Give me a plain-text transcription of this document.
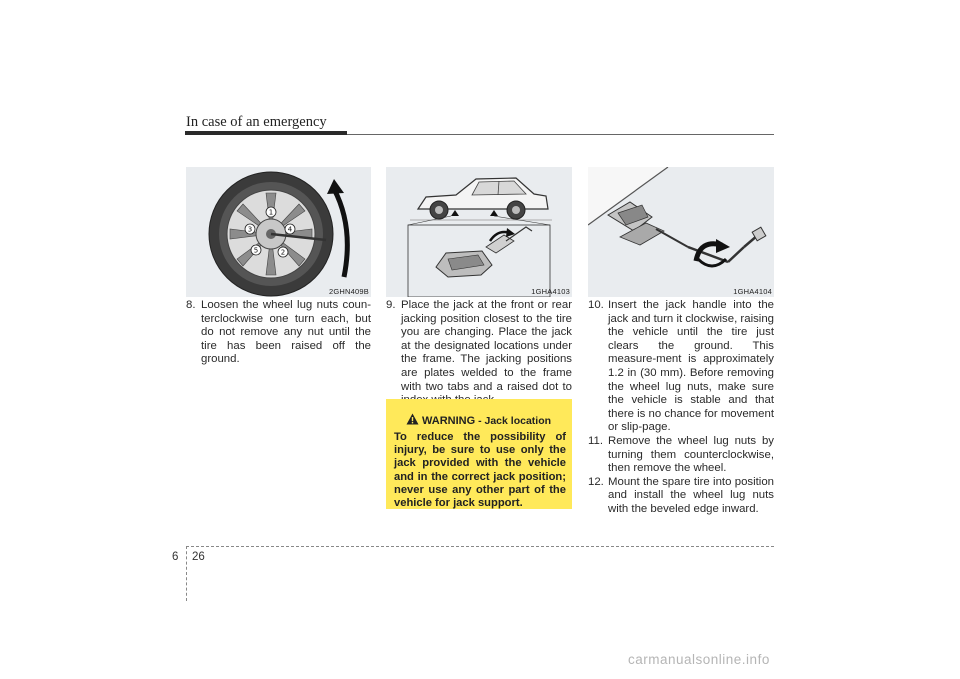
In case of an emergency
1
2
3	4
5
2GHN409B	1GHA4103	1GHA4104
8. Loosen the wheel lug nuts coun-terclockwise one turn each, but do not remove any nut until the tire has been raised off the ground.
9. Place the jack at the front or rear jacking position closest to the tire you are changing. Place the jack at the designated locations under the frame. The jacking positions are plates welded to the frame with two tabs and a raised dot to
WARNING - Jack location
To reduce the possibility of injury, be sure to use only the jack provided with the vehicle and in the correct jack position; never use any other part of the vehicle for jack support.
10. Insert the jack handle into the jack and turn it clockwise, raising the vehicle until the tire just clears the ground. This measure-ment is approximately 1.2 in (30 mm). Before removing the wheel lug nuts, make sure the vehicle is stable and that there is no chance for movement or slip-page.
11. Remove the wheel lug nuts by turning them counterclockwise, then remove the wheel.
12. Mount the spare tire into position and install the wheel lug nuts with the beveled edge inward.
6 26
carmanualsonline.info
